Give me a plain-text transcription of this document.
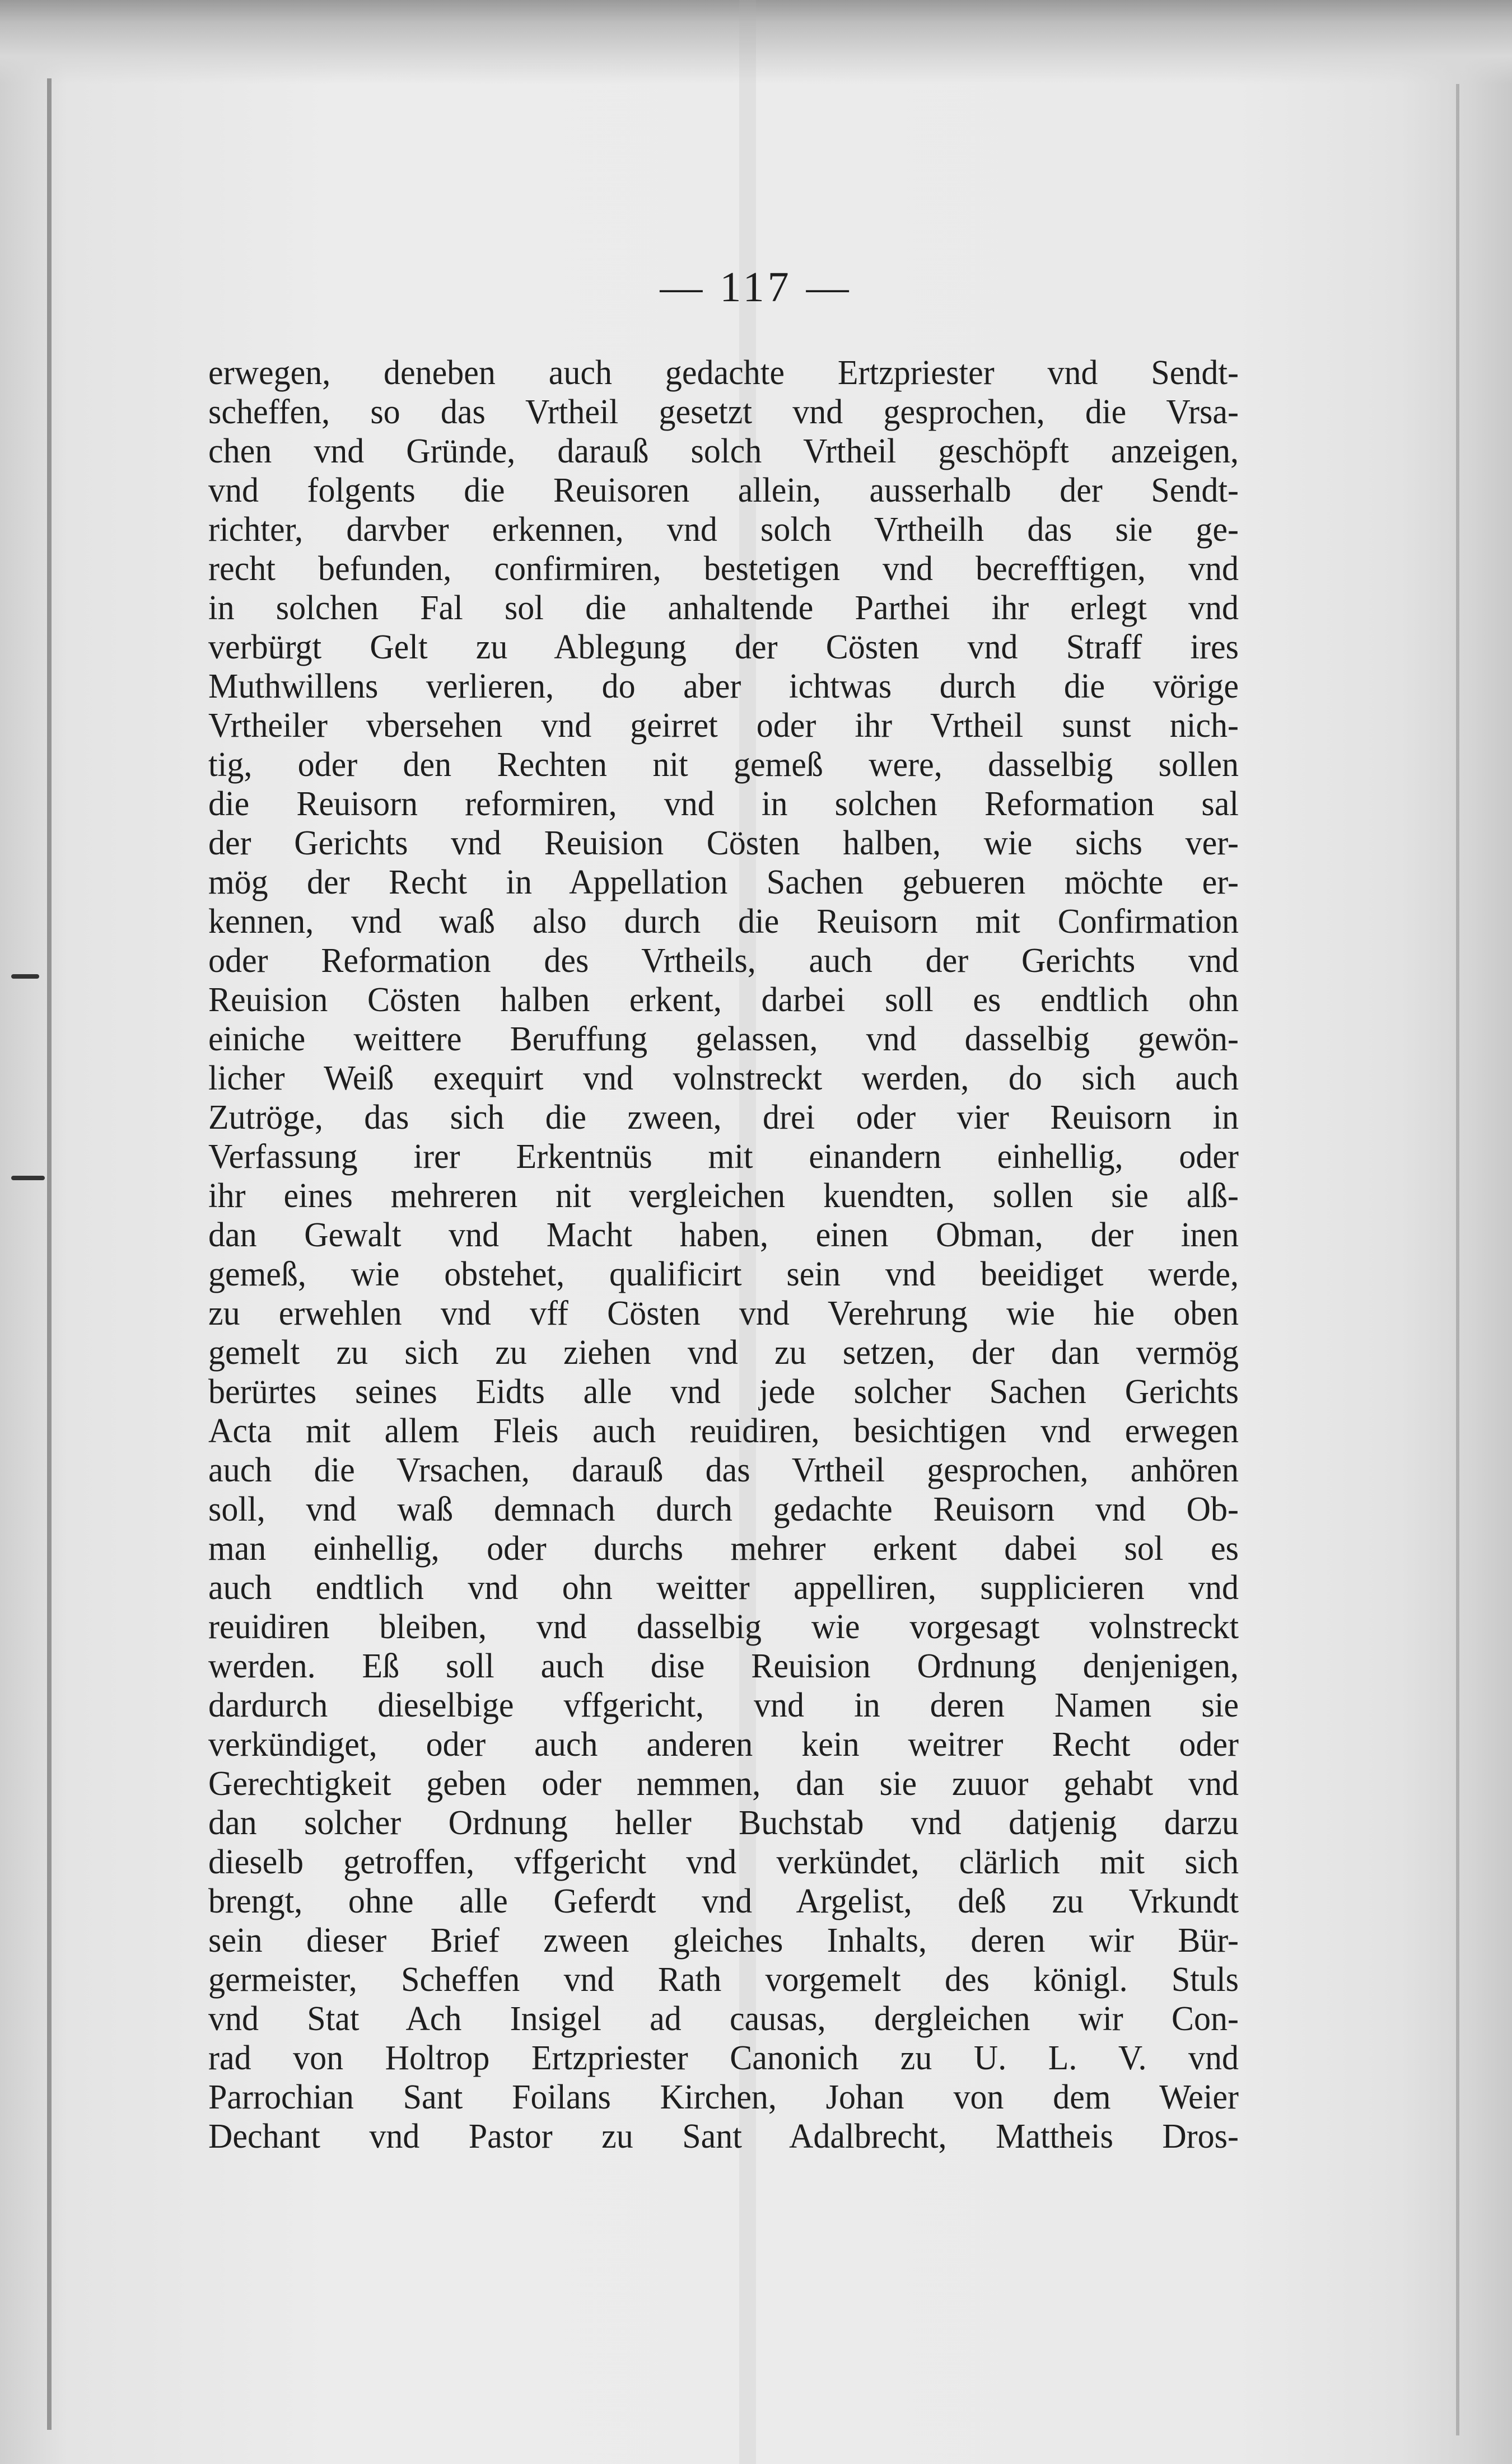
— 117 —
erwegen, deneben auch gedachte Ertzpriester vnd Sendt-
scheffen, so das Vrtheil gesetzt vnd gesprochen, die Vrsa-
chen vnd Gründe, darauß solch Vrtheil geschöpft anzeigen,
vnd folgents die Reuisoren allein, ausserhalb der Sendt-
richter, darvber erkennen, vnd solch Vrtheilh das sie ge-
recht befunden, confirmiren, bestetigen vnd becrefftigen, vnd
in solchen Fal sol die anhaltende Parthei ihr erlegt vnd
verbürgt Gelt zu Ablegung der Cösten vnd Straff ires
Muthwillens verlieren, do aber ichtwas durch die vörige
Vrtheiler vbersehen vnd geirret oder ihr Vrtheil sunst nich-
tig, oder den Rechten nit gemeß were, dasselbig sollen
die Reuisorn reformiren, vnd in solchen Reformation sal
der Gerichts vnd Reuision Cösten halben, wie sichs ver-
mög der Recht in Appellation Sachen gebueren möchte er-
kennen, vnd waß also durch die Reuisorn mit Confirmation
oder Reformation des Vrtheils, auch der Gerichts vnd
Reuision Cösten halben erkent, darbei soll es endtlich ohn
einiche weittere Beruffung gelassen, vnd dasselbig gewön-
licher Weiß exequirt vnd volnstreckt werden, do sich auch
Zutröge, das sich die zween, drei oder vier Reuisorn in
Verfassung irer Erkentnüs mit einandern einhellig, oder
ihr eines mehreren nit vergleichen kuendten, sollen sie alß-
dan Gewalt vnd Macht haben, einen Obman, der inen
gemeß, wie obstehet, qualificirt sein vnd beeidiget werde,
zu erwehlen vnd vff Cösten vnd Verehrung wie hie oben
gemelt zu sich zu ziehen vnd zu setzen, der dan vermög
berürtes seines Eidts alle vnd jede solcher Sachen Gerichts
Acta mit allem Fleis auch reuidiren, besichtigen vnd erwegen
auch die Vrsachen, darauß das Vrtheil gesprochen, anhören
soll, vnd waß demnach durch gedachte Reuisorn vnd Ob-
man einhellig, oder durchs mehrer erkent dabei sol es
auch endtlich vnd ohn weitter appelliren, supplicieren vnd
reuidiren bleiben, vnd dasselbig wie vorgesagt volnstreckt
werden. Eß soll auch dise Reuision Ordnung denjenigen,
dardurch dieselbige vffgericht, vnd in deren Namen sie
verkündiget, oder auch anderen kein weitrer Recht oder
Gerechtigkeit geben oder nemmen, dan sie zuuor gehabt vnd
dan solcher Ordnung heller Buchstab vnd datjenig darzu
dieselb getroffen, vffgericht vnd verkündet, clärlich mit sich
brengt, ohne alle Geferdt vnd Argelist, deß zu Vrkundt
sein dieser Brief zween gleiches Inhalts, deren wir Bür-
germeister, Scheffen vnd Rath vorgemelt des königl. Stuls
vnd Stat Ach Insigel ad causas, dergleichen wir Con-
rad von Holtrop Ertzpriester Canonich zu U. L. V. vnd
Parrochian Sant Foilans Kirchen, Johan von dem Weier
Dechant vnd Pastor zu Sant Adalbrecht, Mattheis Dros-
